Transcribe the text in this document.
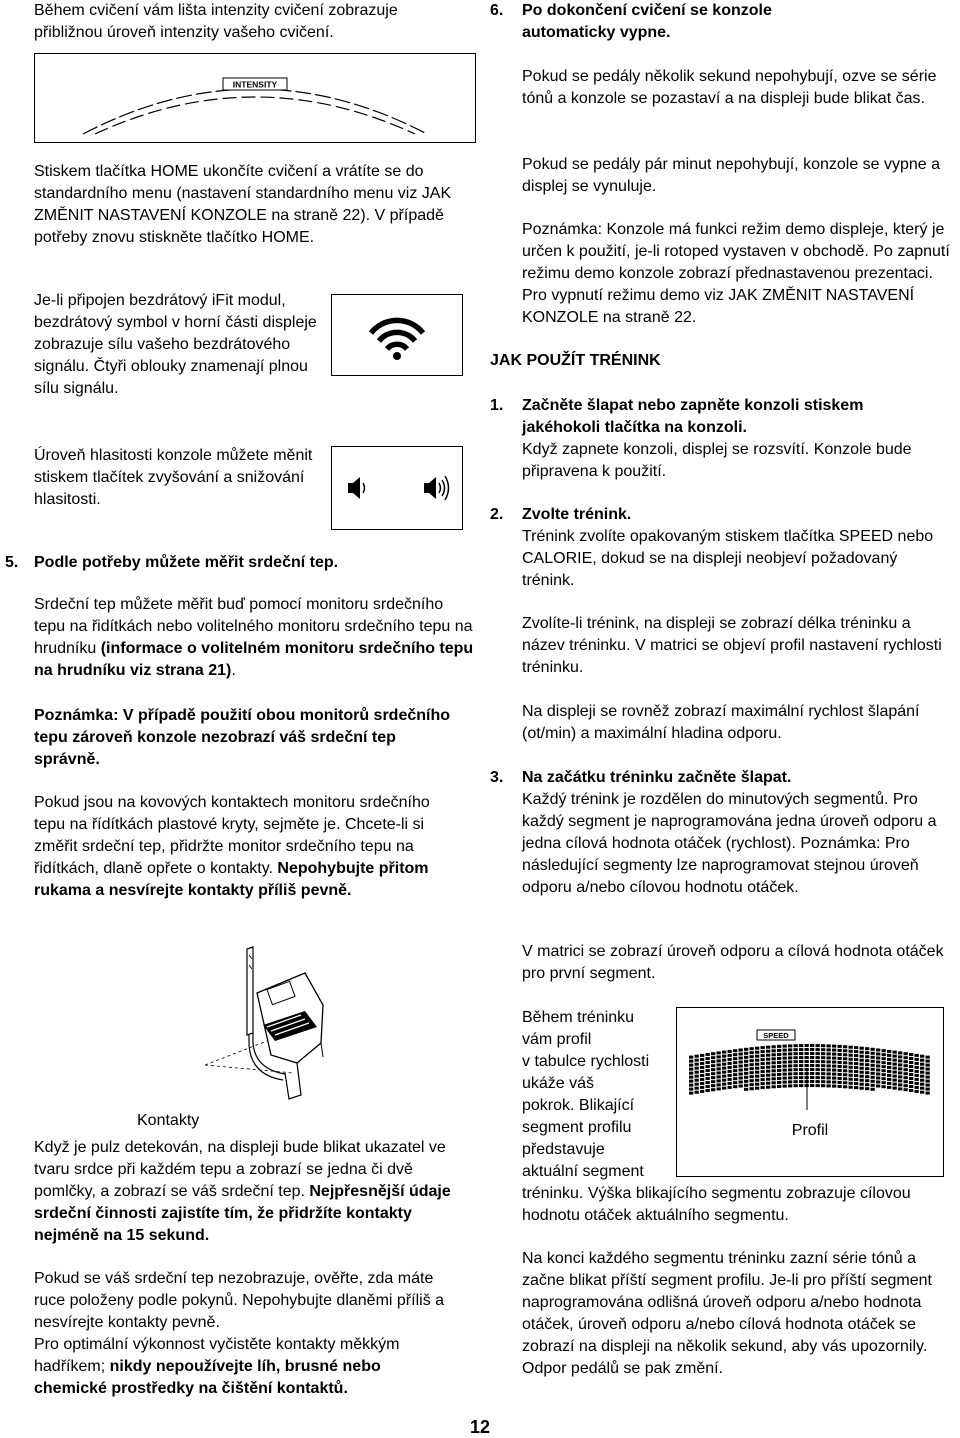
Během cvičení vám lišta intenzity cvičení zobrazuje přibližnou úroveň intenzity vašeho cvičení.

INTENSITY

Stiskem tlačítka HOME ukončíte cvičení a vrátíte se do standardního menu (nastavení standardního menu viz JAK ZMĚNIT NASTAVENÍ KONZOLE na straně 22). V případě potřeby znovu stiskněte tlačítko HOME.

Je-li připojen bezdrátový iFit modul, bezdrátový symbol v horní části displeje zobrazuje sílu vašeho bezdrátového signálu. Čtyři oblouky znamenají plnou sílu signálu.

Úroveň hlasitosti konzole můžete měnit stiskem tlačítek zvyšování a snižování hlasitosti.

5. Podle potřeby můžete měřit srdeční tep.

Srdeční tep můžete měřit buď pomocí monitoru srdečního tepu na řidítkách nebo volitelného monitoru srdečního tepu na hrudníku (informace o volitelném monitoru srdečního tepu na hrudníku viz strana 21).

Poznámka: V případě použití obou monitorů srdečního tepu zároveň konzole nezobrazí váš srdeční tep správně.

Pokud jsou na kovových kontaktech monitoru srdečního tepu na řídítkách plastové kryty, sejměte je. Chcete-li si změřit srdeční tep, přidržte monitor srdečního tepu na řidítkách, dlaně opřete o kontakty. Nepohybujte přitom rukama a nesvírejte kontakty příliš pevně.

Kontakty

Když je pulz detekován, na displeji bude blikat ukazatel ve tvaru srdce při každém tepu a zobrazí se jedna či dvě pomlčky, a zobrazí se váš srdeční tep. Nejpřesnější údaje srdeční činnosti zajistíte tím, že přidržíte kontakty nejméně na 15 sekund.

Pokud se váš srdeční tep nezobrazuje, ověřte, zda máte ruce položeny podle pokynů. Nepohybujte dlaněmi příliš a nesvírejte kontakty pevně.

Pro optimální výkonnost vyčistěte kontakty měkkým hadříkem; nikdy nepoužívejte líh, brusné nebo chemické prostředky na čištění kontaktů.

6. Po dokončení cvičení se konzole automaticky vypne.

Pokud se pedály několik sekund nepohybují, ozve se série tónů a konzole se pozastaví a na displeji bude blikat čas.

Pokud se pedály pár minut nepohybují, konzole se vypne a displej se vynuluje.

Poznámka: Konzole má funkci režim demo displeje, který je určen k použití, je-li rotoped vystaven v obchodě. Po zapnutí režimu demo konzole zobrazí přednastavenou prezentaci. Pro vypnutí režimu demo viz JAK ZMĚNIT NASTAVENÍ KONZOLE na straně 22.

JAK POUŽÍT TRÉNINK
1. Začněte šlapat nebo zapněte konzoli stiskem jakéhokoli tlačítka na konzoli.

Když zapnete konzoli, displej se rozsvítí. Konzole bude připravena k použití.

2. Zvolte trénink.

Trénink zvolíte opakovaným stiskem tlačítka SPEED nebo CALORIE, dokud se na displeji neobjeví požadovaný trénink.

Zvolíte-li trénink, na displeji se zobrazí délka tréninku a název tréninku. V matrici se objeví profil nastavení rychlosti tréninku.

Na displeji se rovněž zobrazí maximální rychlost šlapání (ot/min) a maximální hladina odporu.

3. Na začátku tréninku začněte šlapat.

Každý trénink je rozdělen do minutových segmentů. Pro každý segment je naprogramována jedna úroveň odporu a jedna cílová hodnota otáček (rychlost). Poznámka: Pro následující segmenty lze naprogramovat stejnou úroveň odporu a/nebo cílovou hodnotu otáček.

V matrici se zobrazí úroveň odporu a cílová hodnota otáček pro první segment.

Během tréninku
vám profil
v tabulce rychlosti
ukáže váš
pokrok. Blikající
segment profilu
představuje
aktuální segment
SPEED
Profil

tréninku. Výška blikajícího segmentu zobrazuje cílovou hodnotu otáček aktuálního segmentu.

Na konci každého segmentu tréninku zazní série tónů a začne blikat příští segment profilu. Je-li pro příští segment naprogramována odlišná úroveň odporu a/nebo hodnota otáček, úroveň odporu a/nebo cílová hodnota otáček se zobrazí na displeji na několik sekund, aby vás upozornily. Odpor pedálů se pak změní.

12
